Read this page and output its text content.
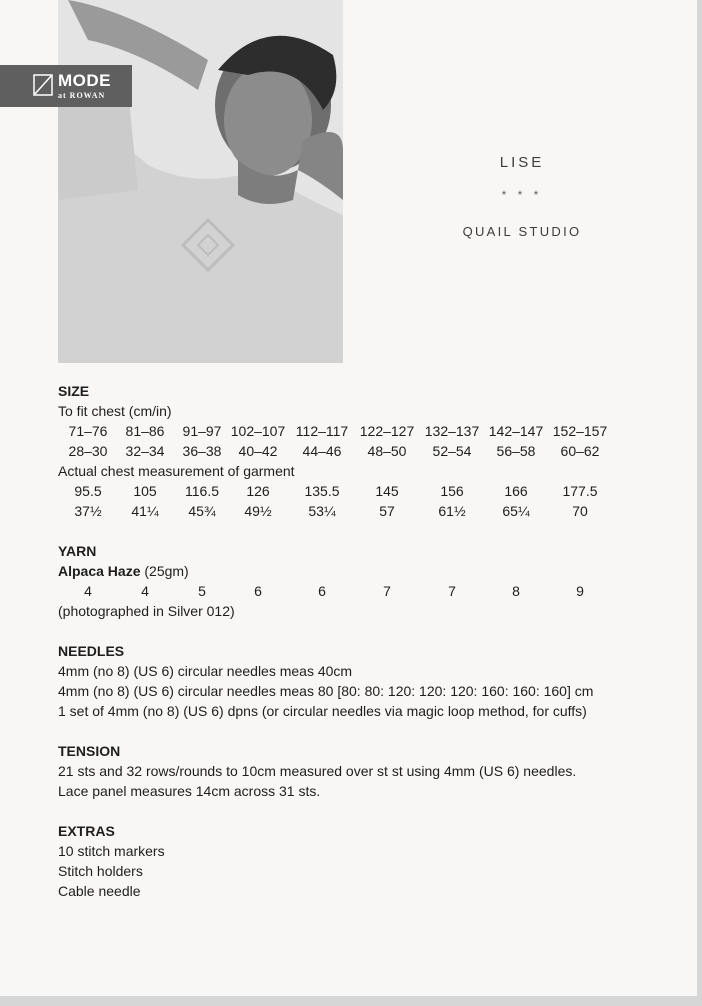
MODE
at ROWAN
LISE
* * *
QUAIL STUDIO
SIZE
To fit chest (cm/in)
71–76 81–86 91–97 102–107 112–117 122–127 132–137 142–147 152–157
28–30 32–34 36–38 40–42 44–46 48–50 52–54 56–58 60–62
Actual chest measurement of garment
95.5 105 116.5 126 135.5	145	156	166 177.5
37½ 41¼ 45¾ 49½	53¼	57	61½	65¼	70
YARN
Alpaca Haze (25gm)
4	4	5	6	6	7	7	8	9
(photographed in Silver 012)
NEEDLES
4mm (no 8) (US 6) circular needles meas 40cm
4mm (no 8) (US 6) circular needles meas 80 [80: 80: 120: 120: 120: 160: 160: 160] cm
1 set of 4mm (no 8) (US 6) dpns (or circular needles via magic loop method, for cuffs)
TENSION
21 sts and 32 rows/rounds to 10cm measured over st st using 4mm (US 6) needles.
Lace panel measures 14cm across 31 sts.
EXTRAS
10 stitch markers
Stitch holders
Cable needle
